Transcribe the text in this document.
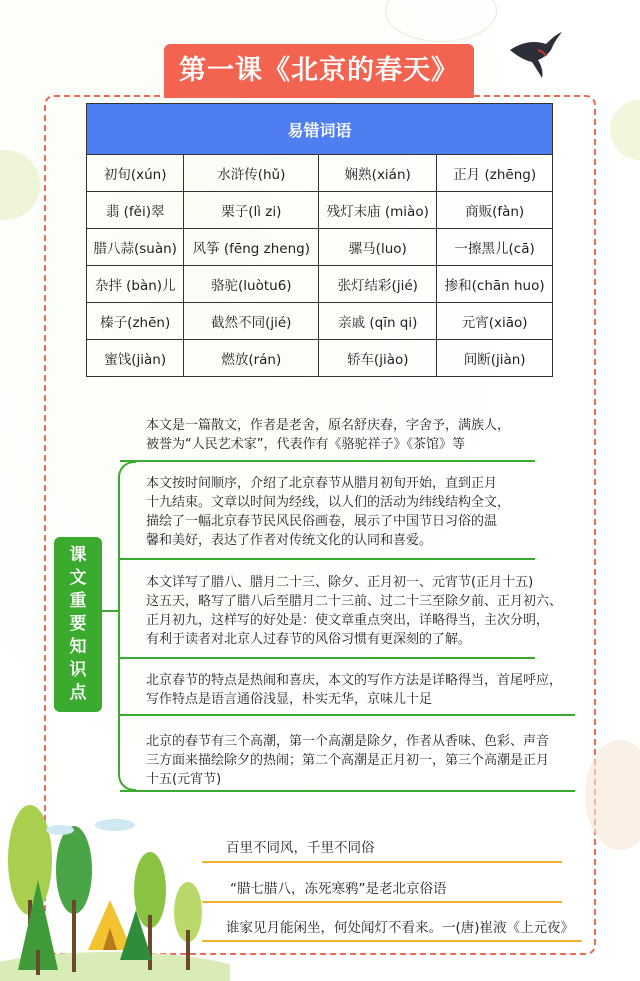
第一课《北京的春天》
易错词语			
初旬(xún)	水浒传(hǔ)	娴熟(xián)	正月 (zhēng)
翡 (fěi)翠	栗子(lì zi)	残灯末庙 (miào)	商贩(fàn)
腊八蒜(suàn)	风筝 (fēng zheng)	骡马(luo)	一擦黑儿(cā)
杂拌 (bàn)儿	骆驼(luòtu6)	张灯结彩(jié)	掺和(chān huo)
榛子(zhēn)	截然不同(jié)	亲戚 (qīn qi)	元宵(xiāo)
蜜饯(jiàn)	燃放(rán)	轿车(jiào)	间断(jiàn)
本文是一篇散文，作者是老舍，原名舒庆春，字舍予，满族人，
被誉为“人民艺术家”，代表作有《骆驼祥子》《茶馆》等
课
文
重
要
知
识
点
本文按时间顺序，介绍了北京春节从腊月初旬开始，直到正月
十九结束。文章以时间为经线，以人们的活动为纬线结构全文，
描绘了一幅北京春节民风民俗画卷，展示了中国节日习俗的温
馨和美好，表达了作者对传统文化的认同和喜爱。
本文详写了腊八、腊月二十三、除夕、正月初一、元宵节(正月十五)
这五天，略写了腊八后至腊月二十三前、过二十三至除夕前、正月初六、
正月初九，这样写的好处是：使文章重点突出，详略得当，主次分明，
有利于读者对北京人过春节的风俗习惯有更深刻的了解。
北京春节的特点是热闹和喜庆，本文的写作方法是详略得当，首尾呼应，
写作特点是语言通俗浅显，朴实无华，京味儿十足
北京的春节有三个高潮，第一个高潮是除夕，作者从香味、色彩、声音
三方面来描绘除夕的热闹；第二个高潮是正月初一，第三个高潮是正月
十五(元宵节)
百里不同风，千里不同俗
“腊七腊八，冻死寒鸦”是老北京俗语
谁家见月能闲坐，何处闻灯不看来。一(唐)崔液《上元夜》
